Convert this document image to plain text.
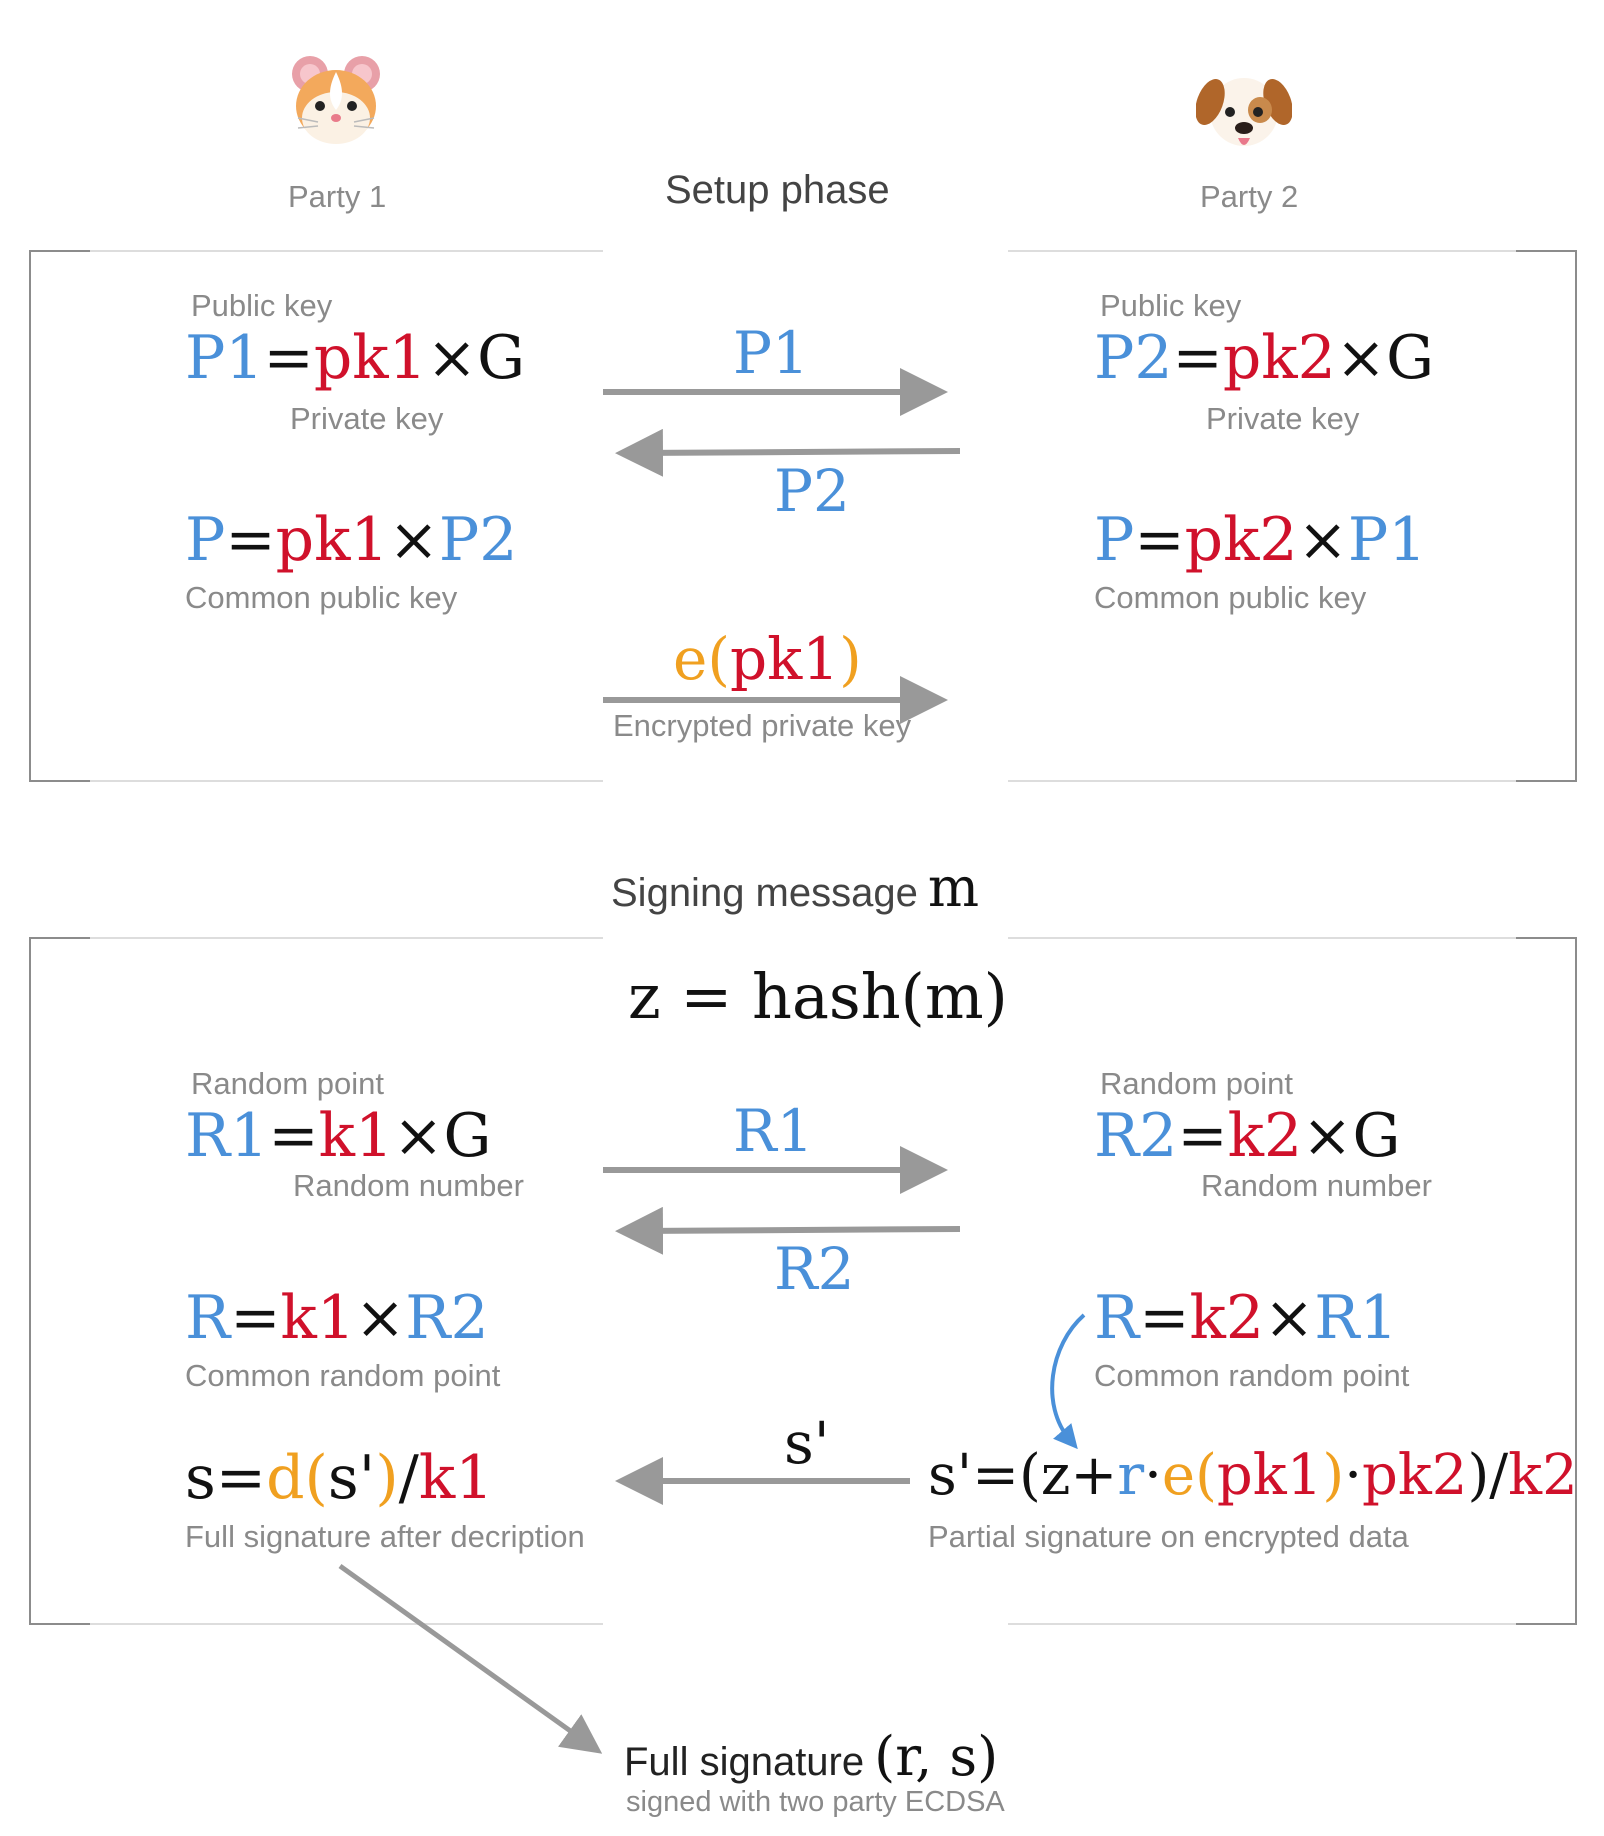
Party 1	Party 2
Setup phase
Public key
P1=pk1×G
Private key
Public key
P2=pk2×G
Private key
P1
P2
P=pk1×P2
Common public key
P=pk2×P1
Common public key
e(pk1)
Encrypted private key
Signing message m
z = hash(m)
Random point
R1=k1×G
Random number
Random point
R2=k2×G
Random number
R1
R2
R=k1×R2
Common random point
R=k2×R1
Common random point
s'
s=d(s')/k1
Full signature after decription
s'=(z+r·e(pk1)·pk2)/k2
Partial signature on encrypted data
Full signature (r, s)
signed with two party ECDSA
